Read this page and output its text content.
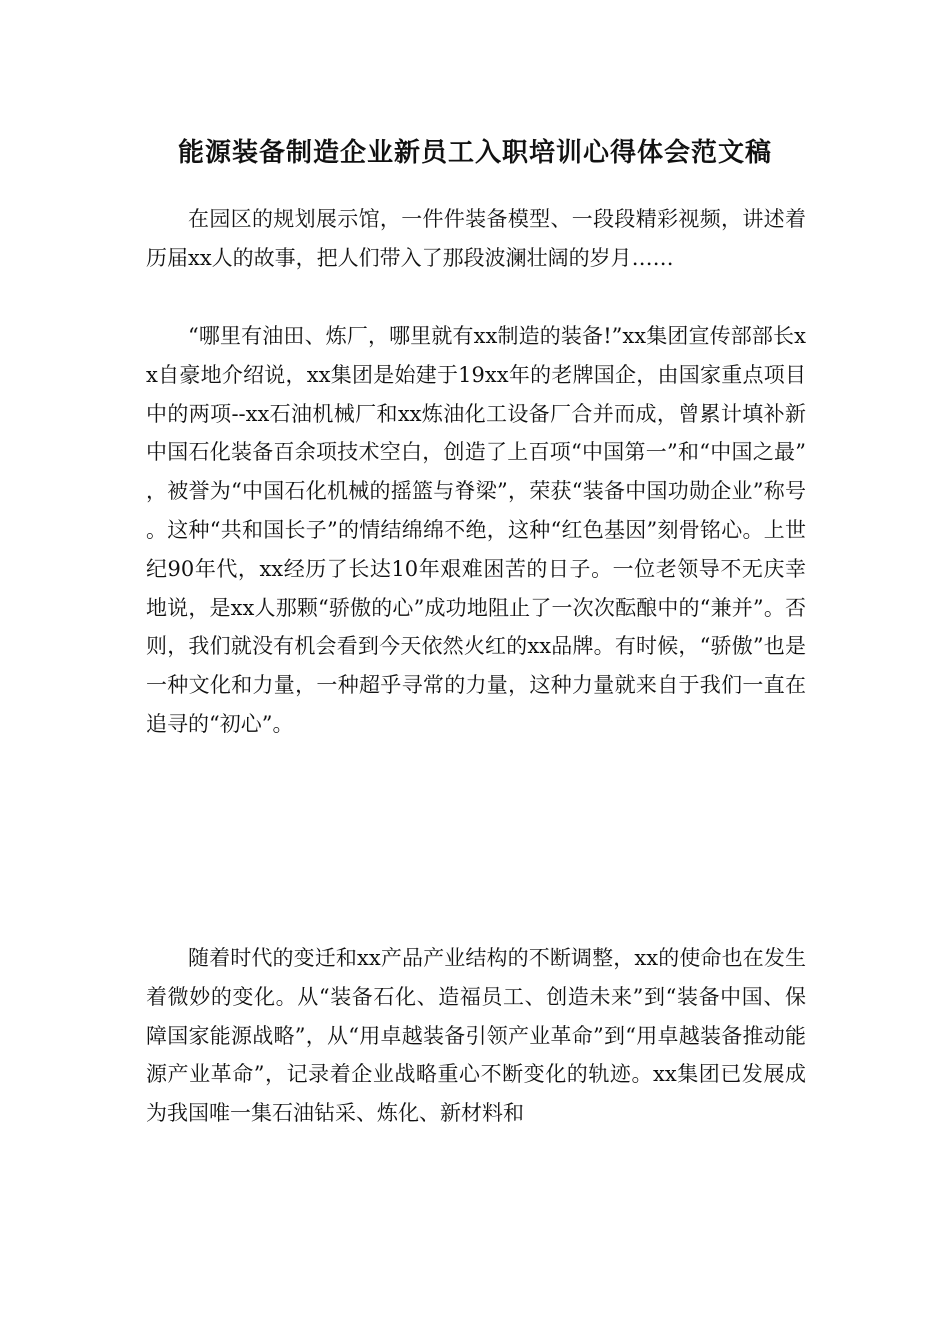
能源装备制造企业新员工入职培训心得体会范文稿

在园区的规划展示馆，一件件装备模型、一段段精彩视频，讲述着历届xx人的故事，把人们带入了那段波澜壮阔的岁月……

“哪里有油田、炼厂，哪里就有xx制造的装备!”xx集团宣传部部长xx自豪地介绍说，xx集团是始建于19xx年的老牌国企，由国家重点项目中的两项--xx石油机械厂和xx炼油化工设备厂合并而成，曾累计填补新中国石化装备百余项技术空白，创造了上百项“中国第一”和“中国之最”，被誉为“中国石化机械的摇篮与脊梁”，荣获“装备中国功勋企业”称号。这种“共和国长子”的情结绵绵不绝，这种“红色基因”刻骨铭心。上世纪90年代，xx经历了长达10年艰难困苦的日子。一位老领导不无庆幸地说，是xx人那颗“骄傲的心”成功地阻止了一次次酝酿中的“兼并”。否则，我们就没有机会看到今天依然火红的xx品牌。有时候，“骄傲”也是一种文化和力量，一种超乎寻常的力量，这种力量就来自于我们一直在追寻的“初心”。

随着时代的变迁和xx产品产业结构的不断调整，xx的使命也在发生着微妙的变化。从“装备石化、造福员工、创造未来”到“装备中国、保障国家能源战略”，从“用卓越装备引领产业革命”到“用卓越装备推动能源产业革命”，记录着企业战略重心不断变化的轨迹。xx集团已发展成为我国唯一集石油钻采、炼化、新材料和
